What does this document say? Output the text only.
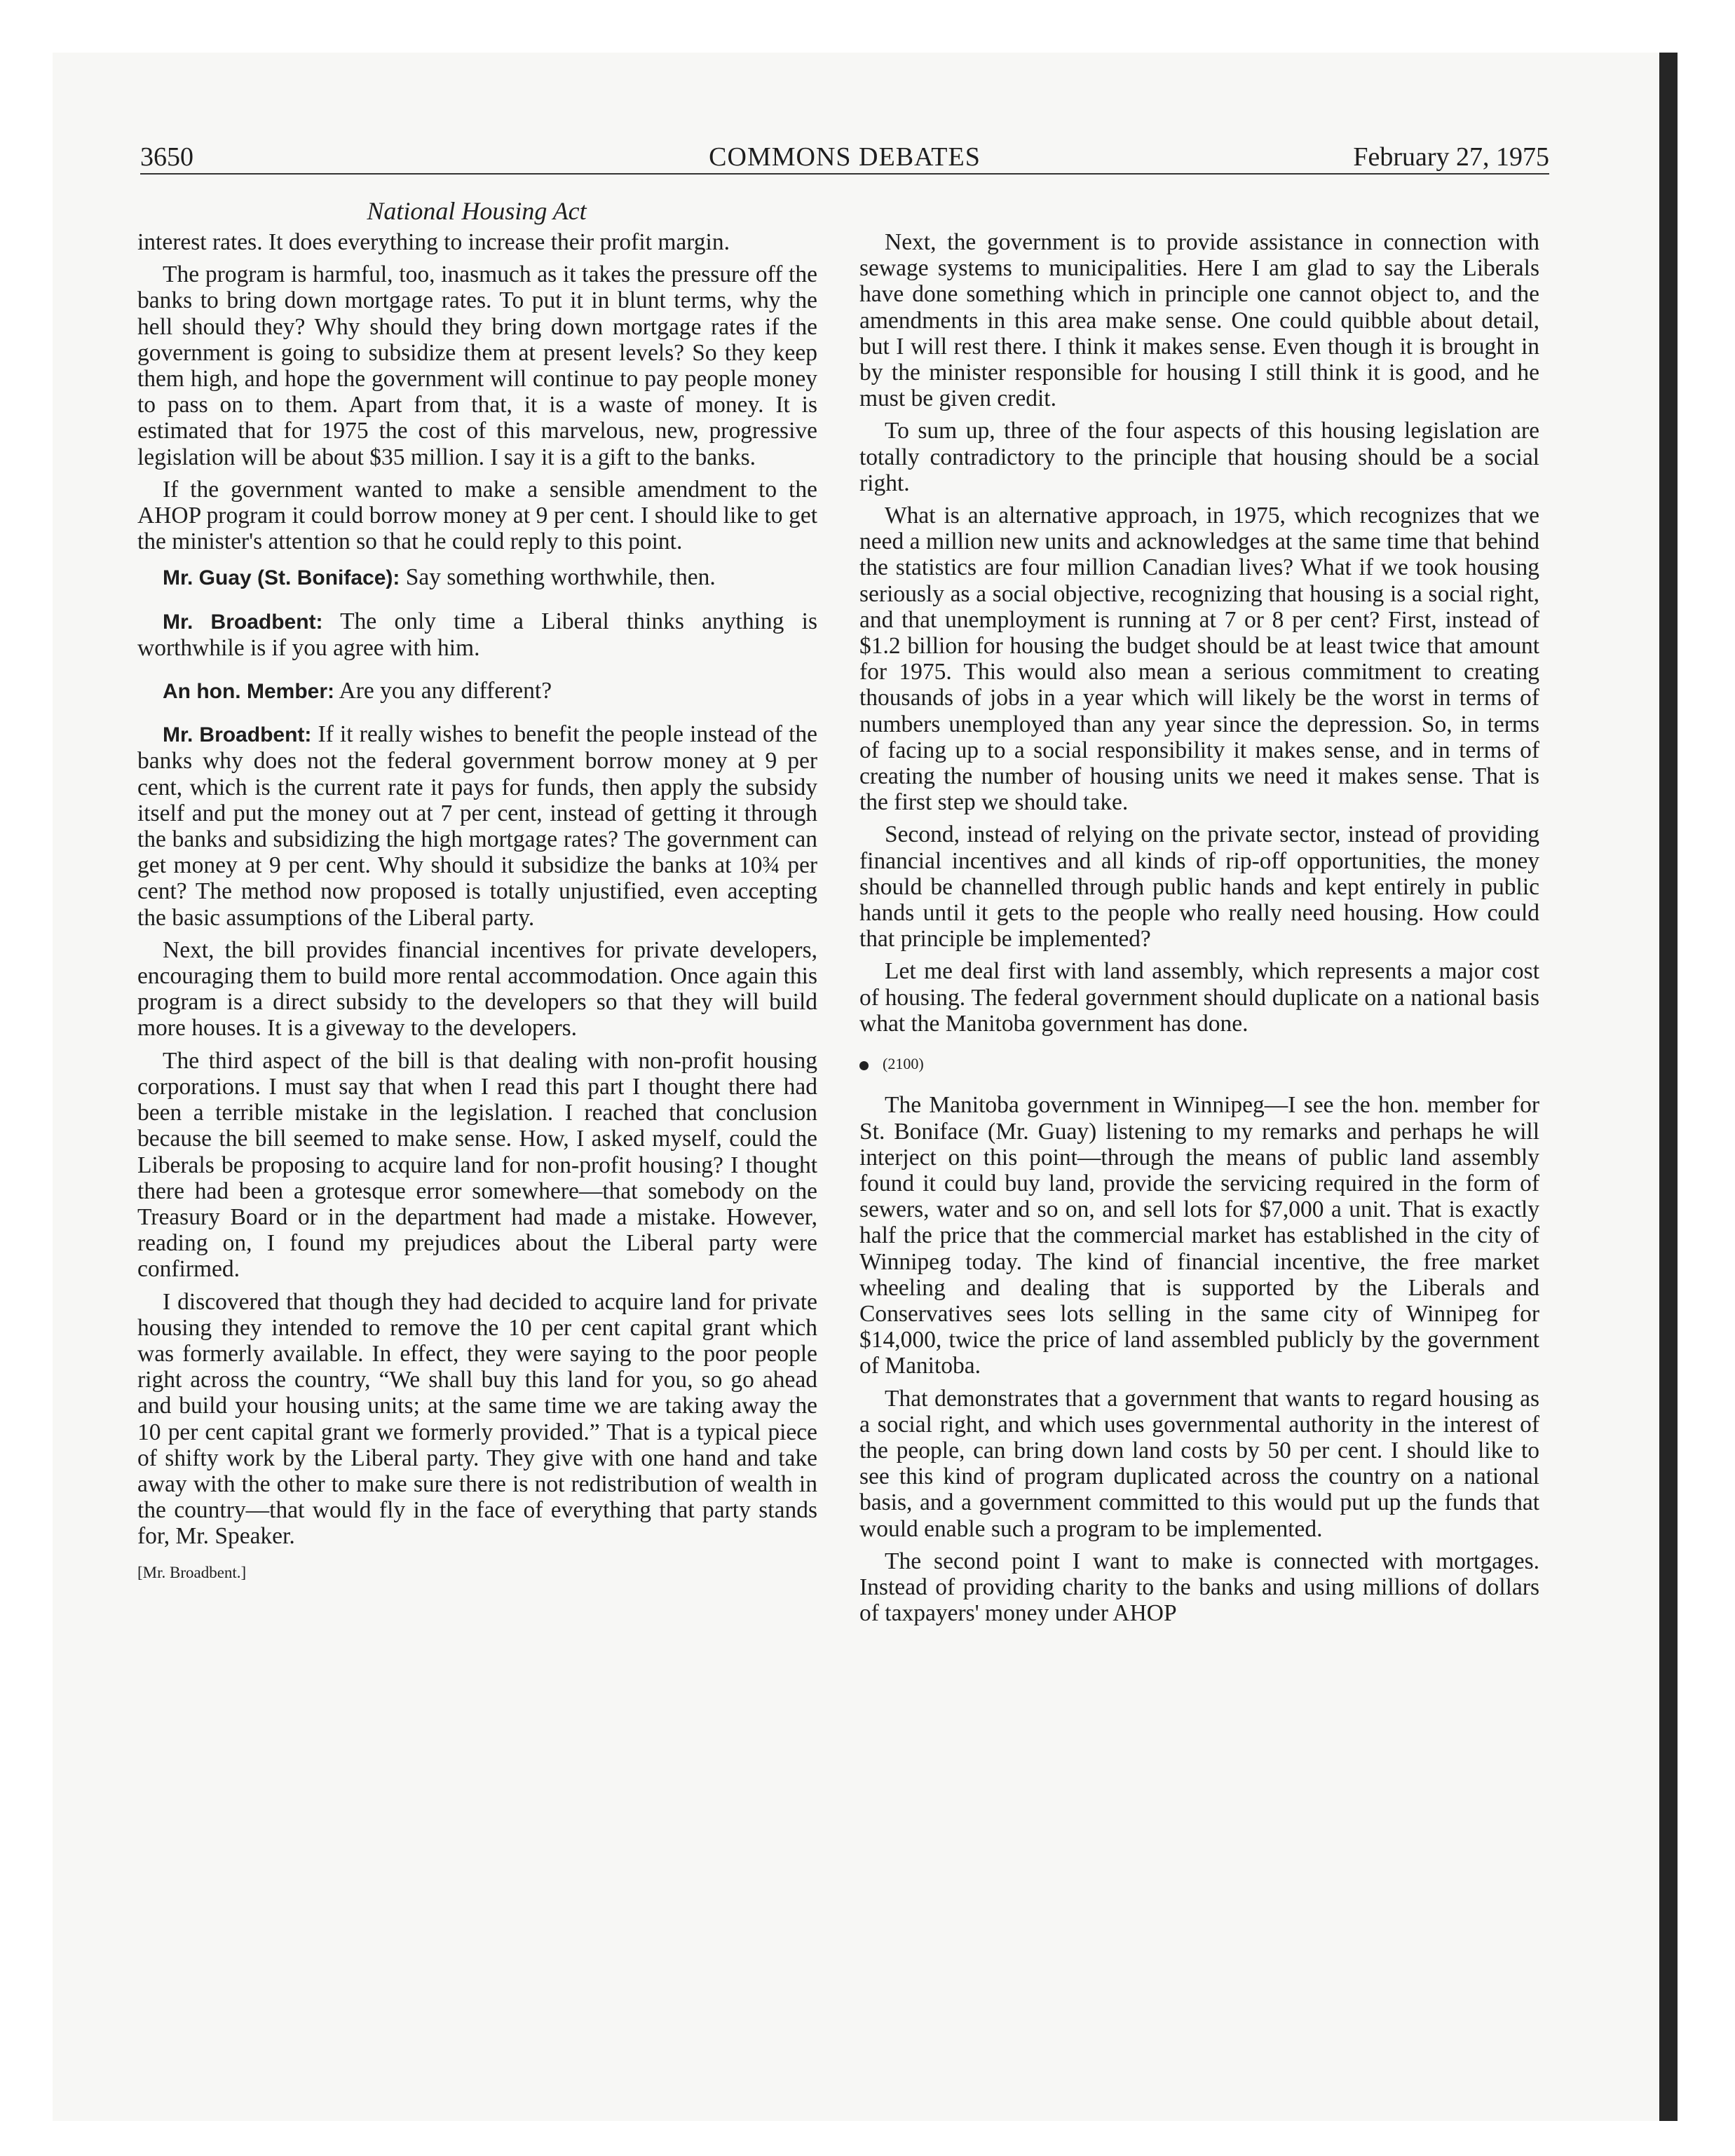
3650	COMMONS DEBATES	February 27, 1975
National Housing Act

interest rates. It does everything to increase their profit margin.

The program is harmful, too, inasmuch as it takes the pressure off the banks to bring down mortgage rates. To put it in blunt terms, why the hell should they? Why should they bring down mortgage rates if the government is going to subsidize them at present levels? So they keep them high, and hope the government will continue to pay people money to pass on to them. Apart from that, it is a waste of money. It is estimated that for 1975 the cost of this marvelous, new, progressive legislation will be about $35 million. I say it is a gift to the banks.

If the government wanted to make a sensible amendment to the AHOP program it could borrow money at 9 per cent. I should like to get the minister's attention so that he could reply to this point.

Mr. Guay (St. Boniface): Say something worthwhile, then.

Mr. Broadbent: The only time a Liberal thinks anything is worthwhile is if you agree with him.

An hon. Member: Are you any different?

Mr. Broadbent: If it really wishes to benefit the people instead of the banks why does not the federal government borrow money at 9 per cent, which is the current rate it pays for funds, then apply the subsidy itself and put the money out at 7 per cent, instead of getting it through the banks and subsidizing the high mortgage rates? The government can get money at 9 per cent. Why should it subsidize the banks at 10¾ per cent? The method now proposed is totally unjustified, even accepting the basic assumptions of the Liberal party.

Next, the bill provides financial incentives for private developers, encouraging them to build more rental accommodation. Once again this program is a direct subsidy to the developers so that they will build more houses. It is a giveway to the developers.

The third aspect of the bill is that dealing with non-profit housing corporations. I must say that when I read this part I thought there had been a terrible mistake in the legislation. I reached that conclusion because the bill seemed to make sense. How, I asked myself, could the Liberals be proposing to acquire land for non-profit housing? I thought there had been a grotesque error somewhere—that somebody on the Treasury Board or in the department had made a mistake. However, reading on, I found my prejudices about the Liberal party were confirmed.

I discovered that though they had decided to acquire land for private housing they intended to remove the 10 per cent capital grant which was formerly available. In effect, they were saying to the poor people right across the country, “We shall buy this land for you, so go ahead and build your housing units; at the same time we are taking away the 10 per cent capital grant we formerly provided.” That is a typical piece of shifty work by the Liberal party. They give with one hand and take away with the other to make sure there is not redistribution of wealth in the country—that would fly in the face of everything that party stands for, Mr. Speaker.

[Mr. Broadbent.]

Next, the government is to provide assistance in connection with sewage systems to municipalities. Here I am glad to say the Liberals have done something which in principle one cannot object to, and the amendments in this area make sense. One could quibble about detail, but I will rest there. I think it makes sense. Even though it is brought in by the minister responsible for housing I still think it is good, and he must be given credit.

To sum up, three of the four aspects of this housing legislation are totally contradictory to the principle that housing should be a social right.

What is an alternative approach, in 1975, which recognizes that we need a million new units and acknowledges at the same time that behind the statistics are four million Canadian lives? What if we took housing seriously as a social objective, recognizing that housing is a social right, and that unemployment is running at 7 or 8 per cent? First, instead of $1.2 billion for housing the budget should be at least twice that amount for 1975. This would also mean a serious commitment to creating thousands of jobs in a year which will likely be the worst in terms of numbers unemployed than any year since the depression. So, in terms of facing up to a social responsibility it makes sense, and in terms of creating the number of housing units we need it makes sense. That is the first step we should take.

Second, instead of relying on the private sector, instead of providing financial incentives and all kinds of rip-off opportunities, the money should be channelled through public hands and kept entirely in public hands until it gets to the people who really need housing. How could that principle be implemented?

Let me deal first with land assembly, which represents a major cost of housing. The federal government should duplicate on a national basis what the Manitoba government has done.

(2100)

The Manitoba government in Winnipeg—I see the hon. member for St. Boniface (Mr. Guay) listening to my remarks and perhaps he will interject on this point—through the means of public land assembly found it could buy land, provide the servicing required in the form of sewers, water and so on, and sell lots for $7,000 a unit. That is exactly half the price that the commercial market has established in the city of Winnipeg today. The kind of financial incentive, the free market wheeling and dealing that is supported by the Liberals and Conservatives sees lots selling in the same city of Winnipeg for $14,000, twice the price of land assembled publicly by the government of Manitoba.

That demonstrates that a government that wants to regard housing as a social right, and which uses governmental authority in the interest of the people, can bring down land costs by 50 per cent. I should like to see this kind of program duplicated across the country on a national basis, and a government committed to this would put up the funds that would enable such a program to be implemented.

The second point I want to make is connected with mortgages. Instead of providing charity to the banks and using millions of dollars of taxpayers' money under AHOP
